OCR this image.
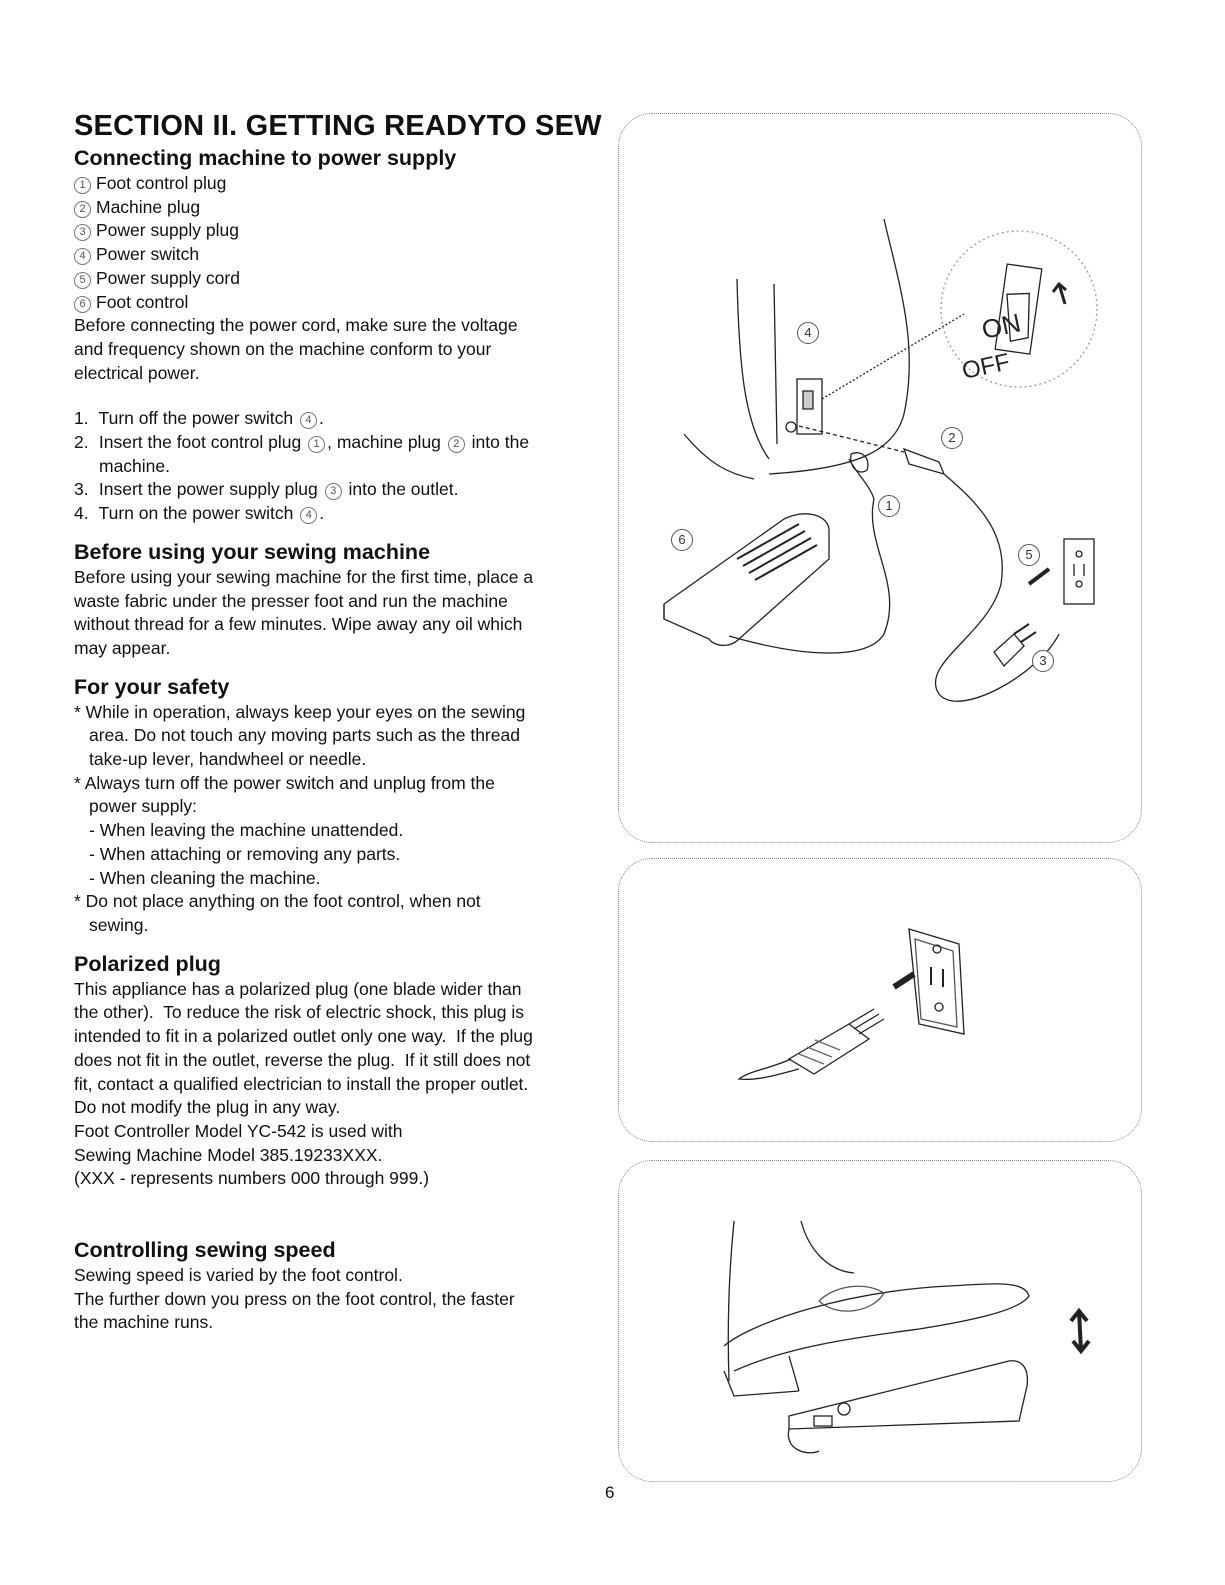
SECTION II. GETTING READYTO SEW
Connecting machine to power supply

1 Foot control plug

2 Machine plug

3 Power supply plug

4 Power switch

5 Power supply cord

6 Foot control

Before connecting the power cord, make sure the voltage

and frequency shown on the machine conform to your

electrical power.

1. Turn off the power switch 4 .

2. Insert the foot control plug 1 , machine plug 2 into the

machine.

3. Insert the power supply plug 3 into the outlet.

4. Turn on the power switch 4 .

Before using your sewing machine

Before using your sewing machine for the first time, place a

waste fabric under the presser foot and run the machine

without thread for a few minutes. Wipe away any oil which

may appear.

For your safety

* While in operation, always keep your eyes on the sewing

area. Do not touch any moving parts such as the thread

take-up lever, handwheel or needle.

* Always turn off the power switch and unplug from the

power supply:

- When leaving the machine unattended.

- When attaching or removing any parts.

- When cleaning the machine.

* Do not place anything on the foot control, when not

sewing.

Polarized plug

This appliance has a polarized plug (one blade wider than

the other).  To reduce the risk of electric shock, this plug is

intended to fit in a polarized outlet only one way.  If the plug

does not fit in the outlet, reverse the plug.  If it still does not

fit, contact a qualified electrician to install the proper outlet.

Do not modify the plug in any way.

Foot Controller Model YC-542 is used with

Sewing Machine Model 385.19233XXX.

(XXX - represents numbers 000 through 999.)

Controlling sewing speed

Sewing speed is varied by the foot control.

The further down you press on the foot control, the faster

the machine runs.

ON
OFF
4
2
1
6
5
3
6
